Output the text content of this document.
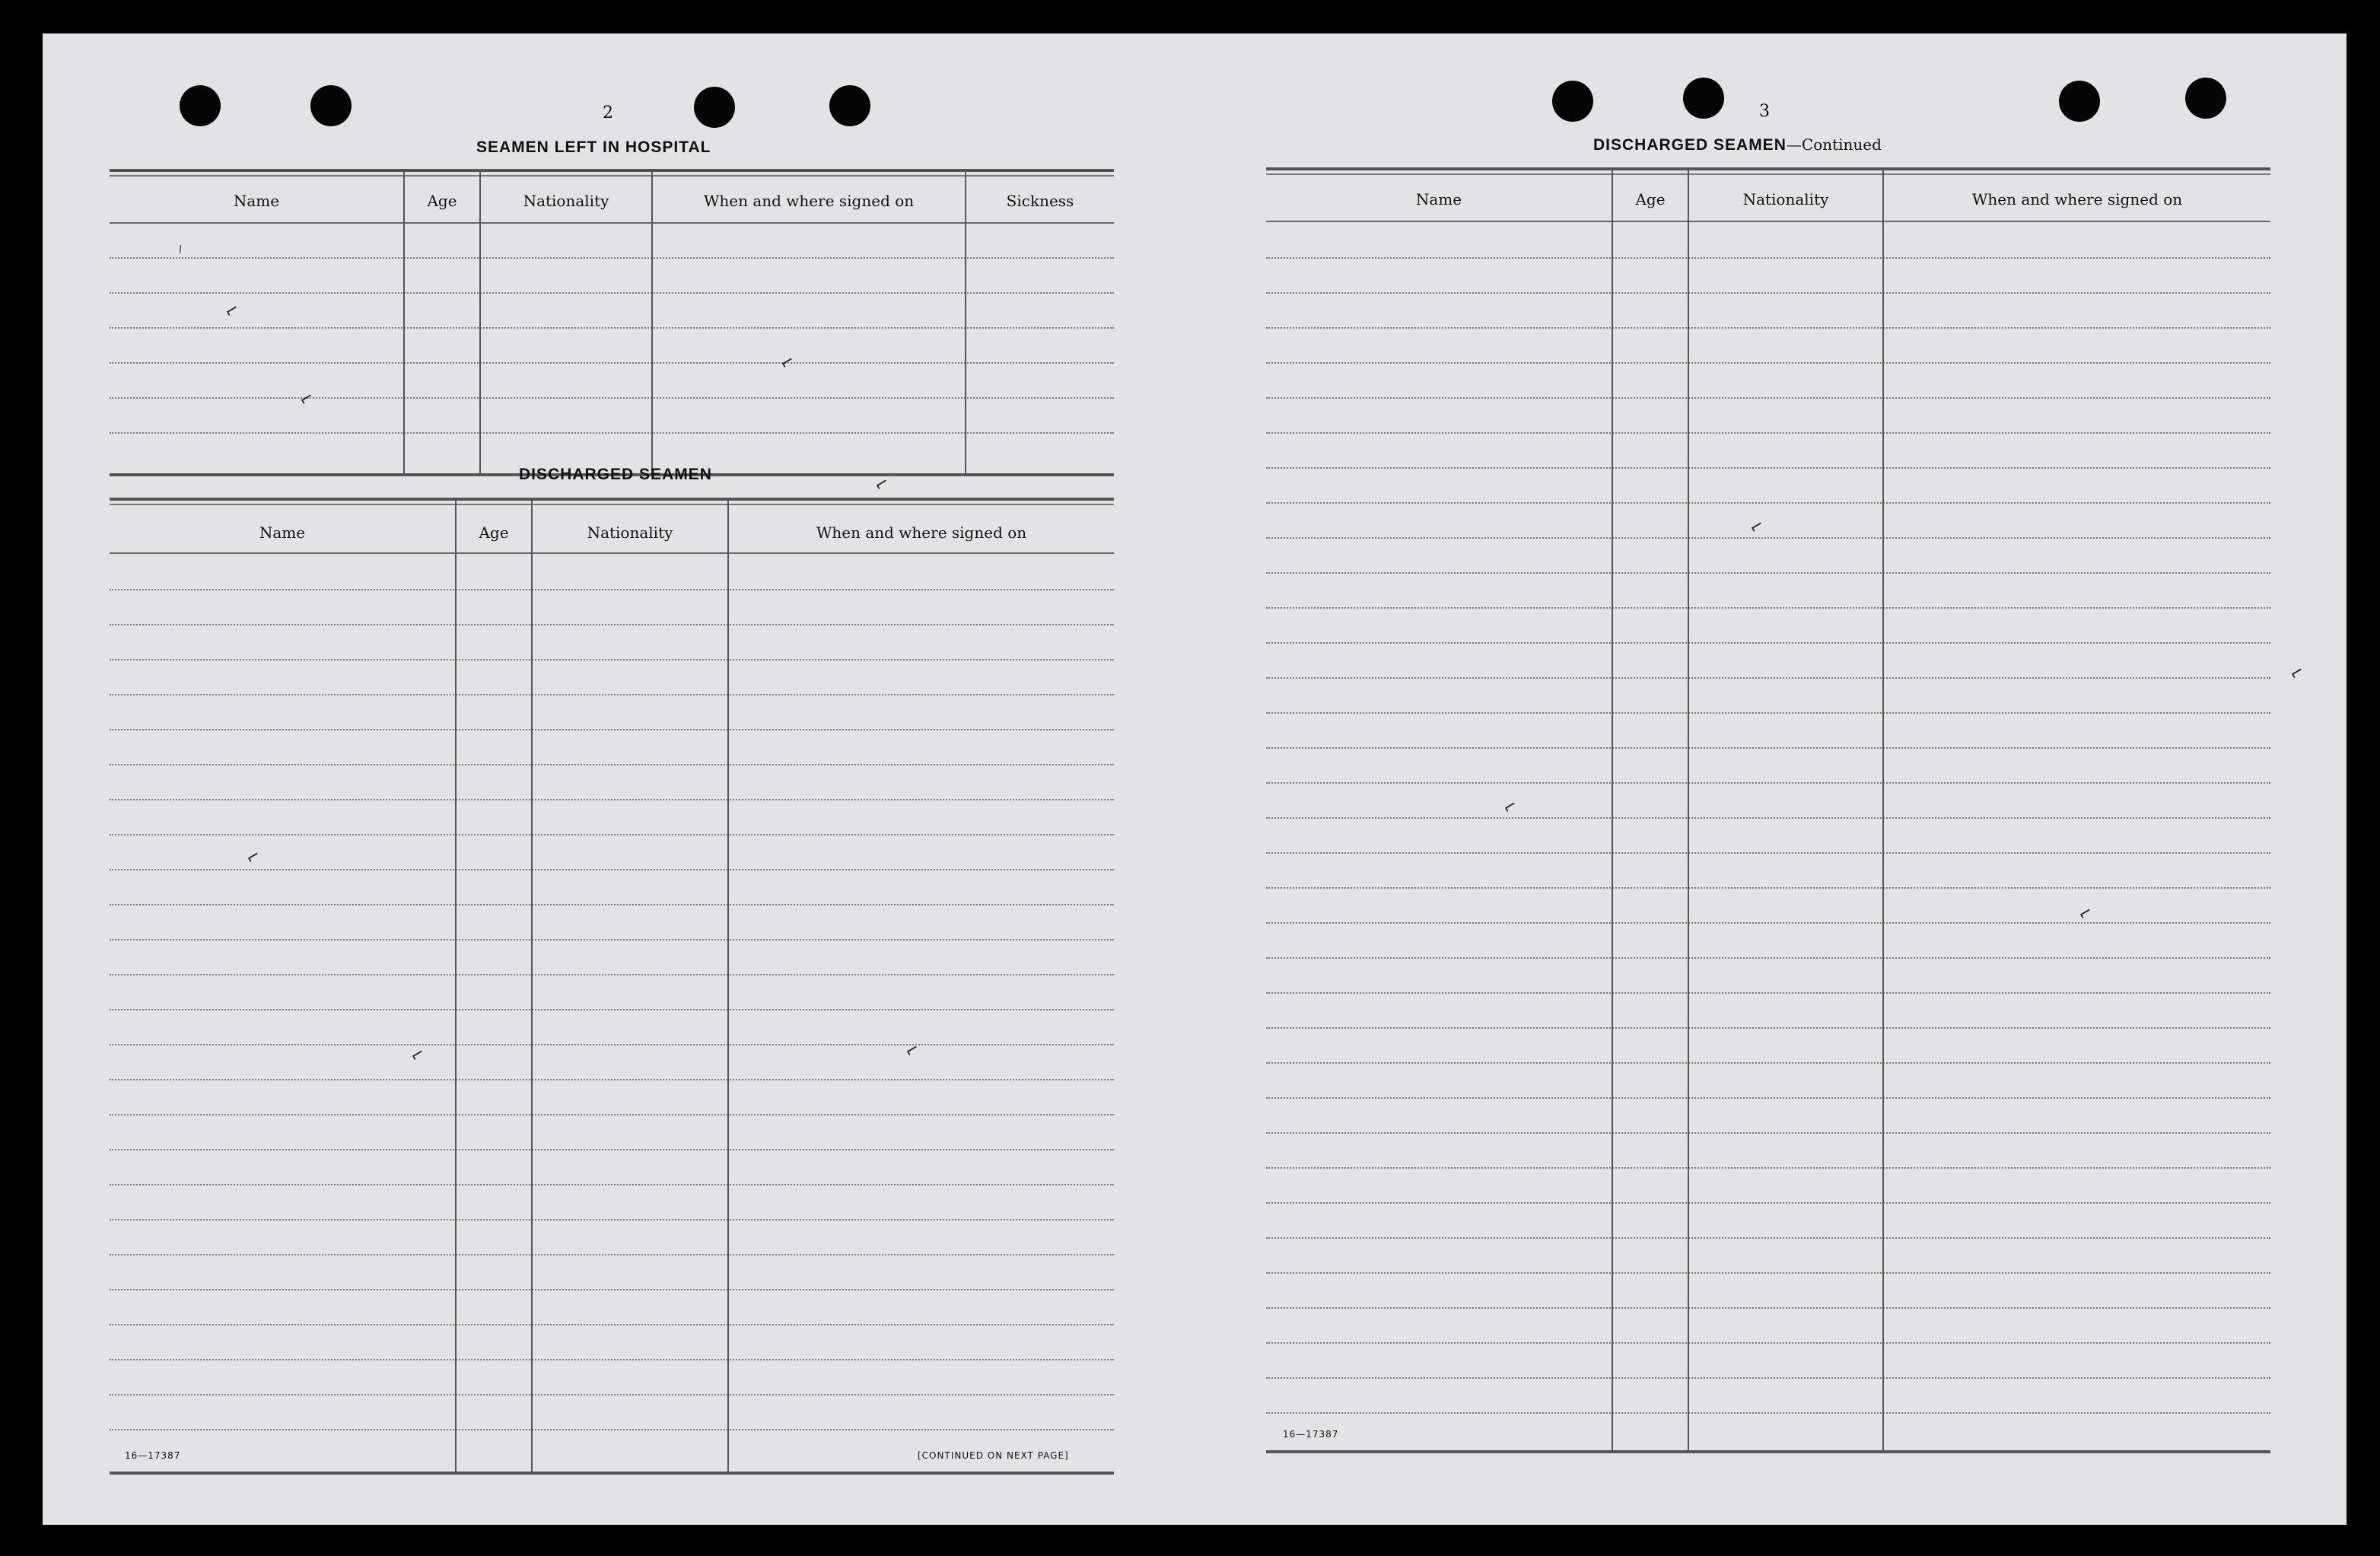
2
SEAMEN LEFT IN HOSPITAL
Name	Age	Nationality	When and where signed on	Sickness
DISCHARGED SEAMEN
Name	Age	Nationality	When and where signed on
16—17387	[CONTINUED ON NEXT PAGE]
3
DISCHARGED SEAMEN—Continued
Name	Age	Nationality	When and where signed on
16—17387
⸝
⌐
⌐
⌐
⌐
⌐
⌐	⌐
⌐
⌐
⌐
⌐
